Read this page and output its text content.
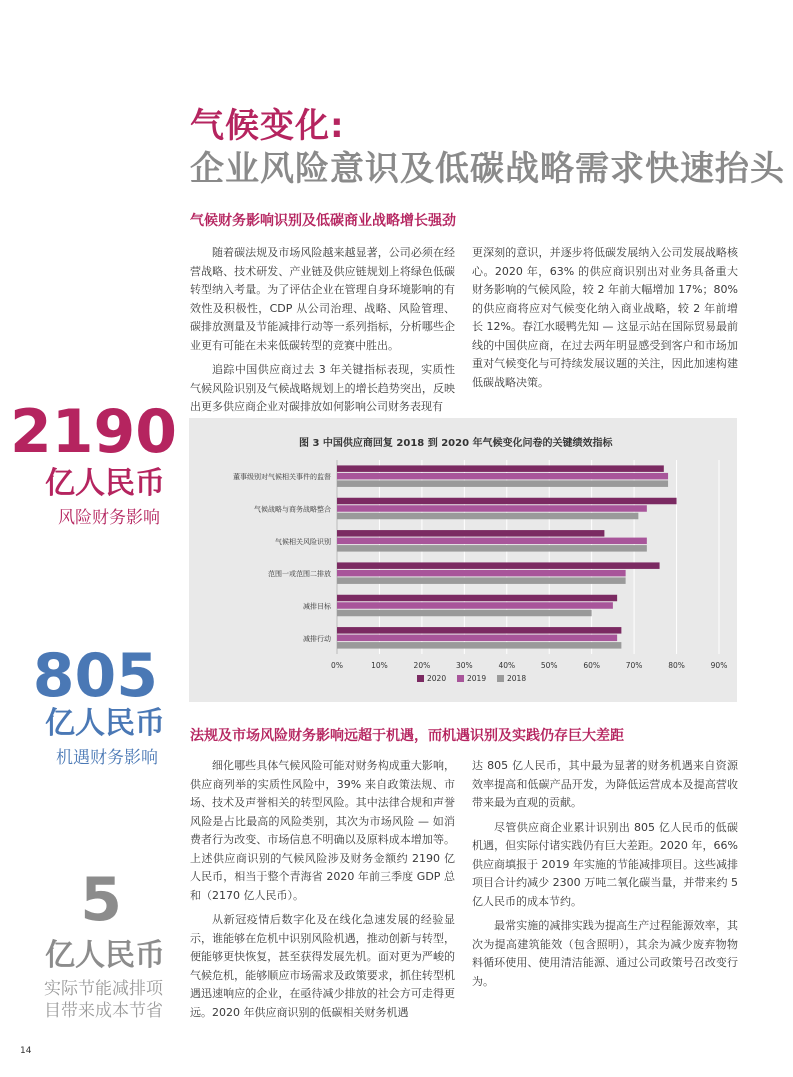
气候变化:
企业风险意识及低碳战略需求快速抬头
气候财务影响识别及低碳商业战略增长强劲

随着碳法规及市场风险越来越显著，公司必须在经营战略、技术研发、产业链及供应链规划上将绿色低碳转型纳入考量。为了评估企业在管理自身环境影响的有效性及积极性，CDP 从公司治理、战略、风险管理、碳排放测量及节能减排行动等一系列指标，分析哪些企业更有可能在未来低碳转型的竞赛中胜出。

追踪中国供应商过去 3 年关键指标表现，实质性气候风险识别及气候战略规划上的增长趋势突出，反映出更多供应商企业对碳排放如何影响公司财务表现有

更深刻的意识，并逐步将低碳发展纳入公司发展战略核心。2020 年，63% 的供应商识别出对业务具备重大财务影响的气候风险，较 2 年前大幅增加 17%；80% 的供应商将应对气候变化纳入商业战略，较 2 年前增长 12%。春江水暖鸭先知 — 这显示站在国际贸易最前线的中国供应商，在过去两年明显感受到客户和市场加重对气候变化与可持续发展议题的关注，因此加速构建低碳战略决策。

2190
亿人民币
风险财务影响
805
亿人民币
机遇财务影响
5
亿人民币
实际节能减排项
目带来成本节省
图 3 中国供应商回复 2018 到 2020 年气候变化问卷的关键绩效指标
0%	10%	20%	30%	40%	50%	60%	70%	80%	90%
董事级别对气候相关事件的监督
气候战略与商务战略整合
气候相关风险识别
范围一或范围二排放
减排目标
减排行动
2020	2019	2018
法规及市场风险财务影响远超于机遇，而机遇识别及实践仍存巨大差距

细化哪些具体气候风险可能对财务构成重大影响，供应商列举的实质性风险中，39% 来自政策法规、市场、技术及声誉相关的转型风险。其中法律合规和声誉风险是占比最高的风险类别，其次为市场风险 — 如消费者行为改变、市场信息不明确以及原料成本增加等。上述供应商识别的气候风险涉及财务金额约 2190 亿人民币，相当于整个青海省 2020 年前三季度 GDP 总和（2170 亿人民币）。

从新冠疫情后数字化及在线化急速发展的经验显示，谁能够在危机中识别风险机遇，推动创新与转型，便能够更快恢复，甚至获得发展先机。面对更为严峻的气候危机，能够顺应市场需求及政策要求，抓住转型机遇迅速响应的企业，在亟待减少排放的社会方可走得更远。2020 年供应商识别的低碳相关财务机遇

达 805 亿人民币，其中最为显著的财务机遇来自资源效率提高和低碳产品开发，为降低运营成本及提高营收带来最为直观的贡献。

尽管供应商企业累计识别出 805 亿人民币的低碳机遇，但实际付诸实践仍有巨大差距。2020 年，66% 供应商填报于 2019 年实施的节能减排项目。这些减排项目合计约减少 2300 万吨二氧化碳当量，并带来约 5 亿人民币的成本节约。

最常实施的减排实践为提高生产过程能源效率，其次为提高建筑能效（包含照明），其余为减少废弃物物料循环使用、使用清洁能源、通过公司政策号召改变行为。

14
